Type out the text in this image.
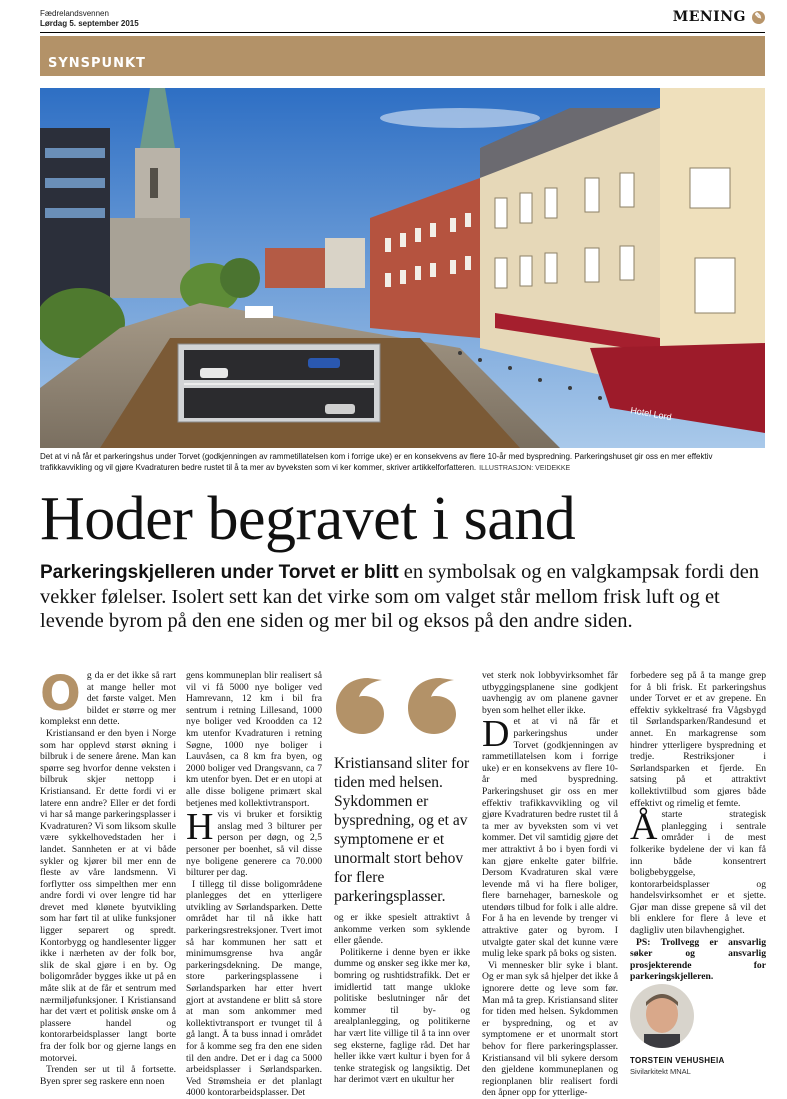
Fædrelandsvennen
Lørdag 5. september 2015	MENING ✎
SYNSPUNKT
Hotel Lord
Det at vi nå får et parkeringshus under Torvet (godkjenningen av rammetillatelsen kom i forrige uke) er en konsekvens av flere 10-år med byspredning. Parkeringshuset gir oss en mer effektiv trafikkavvikling og vil gjøre Kvadraturen bedre rustet til å ta mer av byveksten som vi ker kommer, skriver artikkelforfatteren. ILLUSTRASJON: VEIDEKKE
Hoder begravet i sand
Parkeringskjelleren under Torvet er blitt en symbolsak og en valgkampsak fordi den vekker følelser. Isolert sett kan det virke som om valget står mellom frisk luft og et levende byrom på den ene siden og mer bil og eksos på den andre siden.

Og da er det ikke så rart at mange heller mot det første valget. Men bildet er større og mer komplekst enn dette.

Kristiansand er den byen i Norge som har opplevd størst økning i bilbruk i de senere årene. Man kan spørre seg hvorfor denne veksten i bilbruk skjer nettopp i Kristiansand. Er dette fordi vi er latere enn andre? Eller er det fordi vi har så mange parkeringsplasser i Kvadraturen? Vi som liksom skulle være sykkelhovedstaden her i landet. Sannheten er at vi både sykler og kjører bil mer enn de fleste av våre landsmenn. Vi forflytter oss simpelthen mer enn andre fordi vi over lengre tid har drevet med klønete byutvikling som har ført til at ulike funksjoner ligger separert og spredt. Kontorbygg og handlesenter ligger ikke i nærheten av der folk bor, slik de skal gjøre i en by. Og boligområder bygges ikke ut på en måte slik at de får et sentrum med nærmiljøfunksjoner. I Kristiansand har det vært et politisk ønske om å plassere handel og kontorarbeidsplasser langt borte fra der folk bor og gjerne langs en motorvei.

Trenden ser ut til å fortsette. Byen sprer seg raskere enn noen

gens kommuneplan blir realisert så vil vi få 5000 nye boliger ved Hamrevann, 12 km i bil fra sentrum i retning Lillesand, 1000 nye boliger ved Kroodden ca 12 km utenfor Kvadraturen i retning Søgne, 1000 nye boliger i Lauvåsen, ca 8 km fra byen, og 2000 boliger ved Drangsvann, ca 7 km utenfor byen. Det er en utopi at alle disse boligene primært skal betjenes med kollektivtransport.

Hvis vi bruker et forsiktig anslag med 3 bilturer per person per døgn, og 2,5 personer per boenhet, så vil disse nye boligene generere ca 70.000 bilturer per dag.

I tillegg til disse boligområdene planlegges det en ytterligere utvikling av Sørlandsparken. Dette området har til nå ikke hatt parkeringsrestreksjoner. Tvert imot så har kommunen her satt et minimumsgrense hva angår parkeringsdekning. De mange, store parkeringsplassene i Sørlandsparken har etter hvert gjort at avstandene er blitt så store at man som ankommer med kollektivtransport er tvunget til å gå langt. Å ta buss innad i området for å komme seg fra den ene siden til den andre. Det er i dag ca 5000 arbeidsplasser i Sørlandsparken. Ved Strømsheia er det planlagt 4000 kontorarbeidsplasser. Det

Kristiansand sliter for tiden med helsen. Sykdommen er byspredning, og et av symptomene er et unormalt stort behov for flere parkeringsplasser.

og er ikke spesielt attraktivt å ankomme verken som syklende eller gående.

Politikerne i denne byen er ikke dumme og ønsker seg ikke mer kø, bomring og rushtidstrafikk. Det er imidlertid tatt mange ukloke politiske beslutninger når det kommer til by- og arealplanlegging, og politikerne har vært lite villige til å ta inn over seg eksterne, faglige råd. Det har heller ikke vært kultur i byen for å tenke strategisk og langsiktig. Det har derimot vært en ukultur her

vet sterk nok lobbyvirksomhet får utbyggingsplanene sine godkjent uavhengig av om planene gavner byen som helhet eller ikke.

Det at vi nå får et parkeringshus under Torvet (godkjenningen av rammetillatelsen kom i forrige uke) er en konsekvens av flere 10-år med byspredning. Parkeringshuset gir oss en mer effektiv trafikkavvikling og vil gjøre Kvadraturen bedre rustet til å ta mer av byveksten som vi vet kommer. Det vil samtidig gjøre det mer attraktivt å bo i byen fordi vi kan gjøre enkelte gater bilfrie. Dersom Kvadraturen skal være levende må vi ha flere boliger, flere barnehager, barneskole og utendørs tilbud for folk i alle aldre. For å ha en levende by trenger vi attraktive gater og byrom. I utvalgte gater skal det kunne være mulig leke spark på boks og sisten.

Vi mennesker blir syke i blant. Og er man syk så hjelper det ikke å ignorere dette og leve som før. Man må ta grep. Kristiansand sliter for tiden med helsen. Sykdommen er byspredning, og et av symptomene er et unormalt stort behov for flere parkeringsplasser. Kristiansand vil bli sykere dersom den gjeldene kommuneplanen og regionplanen blir realisert fordi den åpner opp for ytterlige-

forbedere seg på å ta mange grep for å bli frisk. Et parkeringshus under Torvet er et av grepene. En effektiv sykkeltrasé fra Vågsbygd til Sørlandsparken/Randesund et annet. En markagrense som hindrer ytterligere byspredning et tredje. Restriksjoner i Sørlandsparken et fjerde. En satsing på et attraktivt kollektivtilbud som gjøres både effektivt og rimelig et femte.

Åstarte strategisk planlegging i sentrale områder i de mest folkerike bydelene der vi kan få inn både konsentrert boligbebyggelse, kontorarbeidsplasser og handelsvirksomhet er et sjette. Gjør man disse grepene så vil det bli enklere for flere å leve et dagligliv uten bilavhengighet.

PS: Trollvegg er ansvarlig søker og ansvarlig prosjekterende for parkeringskjelleren.

TORSTEIN VEHUSHEIA
Sivilarkitekt MNAL
